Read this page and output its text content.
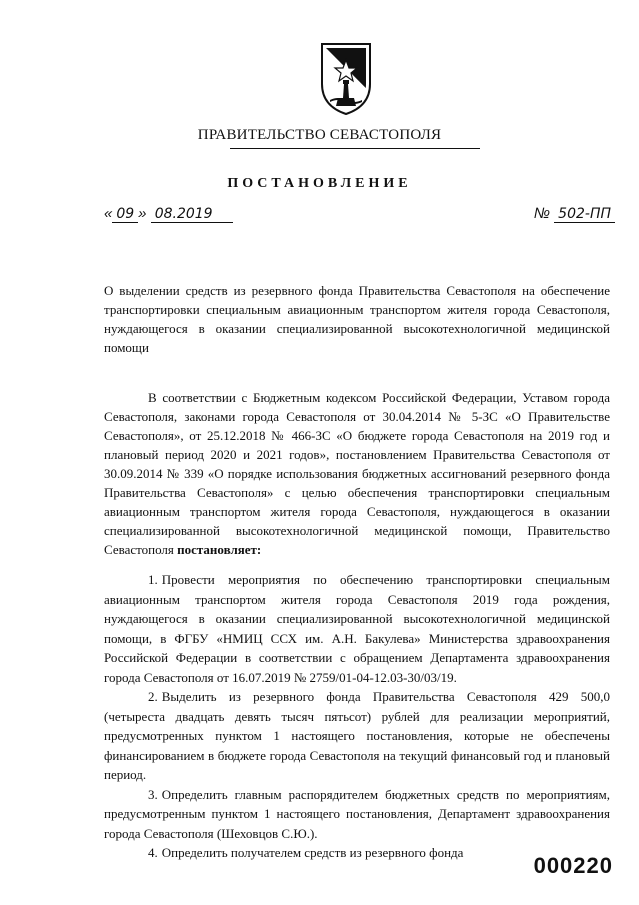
ПРАВИТЕЛЬСТВО СЕВАСТОПОЛЯ
ПОСТАНОВЛЕНИЕ
« 09 » 08.2019	№ 502-ПП
О выделении средств из резервного фонда Правительства Севастополя на обеспечение транспортировки специальным авиационным транспортом жителя города Севастополя, нуждающегося в оказании специализированной высокотехнологичной медицинской помощи

В соответствии с Бюджетным кодексом Российской Федерации, Уставом города Севастополя, законами города Севастополя от 30.04.2014 № 5-ЗС «О Правительстве Севастополя», от 25.12.2018 № 466-ЗС «О бюджете города Севастополя на 2019 год и плановый период 2020 и 2021 годов», постановлением Правительства Севастополя от 30.09.2014 № 339 «О порядке использования бюджетных ассигнований резервного фонда Правительства Севастополя» с целью обеспечения транспортировки специальным авиационным транспортом жителя города Севастополя, нуждающегося в оказании специализированной высокотехнологичной медицинской помощи, Правительство Севастополя постановляет:

1. Провести мероприятия по обеспечению транспортировки специальным авиационным транспортом жителя города Севастополя 2019 года рождения, нуждающегося в оказании специализированной высокотехнологичной медицинской помощи, в ФГБУ «НМИЦ ССХ им. А.Н. Бакулева» Министерства здравоохранения Российской Федерации в соответствии с обращением Департамента здравоохранения города Севастополя от 16.07.2019 № 2759/01-04-12.03-30/03/19.

2. Выделить из резервного фонда Правительства Севастополя 429 500,0 (четыреста двадцать девять тысяч пятьсот) рублей для реализации мероприятий, предусмотренных пунктом 1 настоящего постановления, которые не обеспечены финансированием в бюджете города Севастополя на текущий финансовый год и плановый период.

3. Определить главным распорядителем бюджетных средств по мероприятиям, предусмотренным пунктом 1 настоящего постановления, Департамент здравоохранения города Севастополя (Шеховцов С.Ю.).

4. Определить получателем средств из резервного фонда

000220
